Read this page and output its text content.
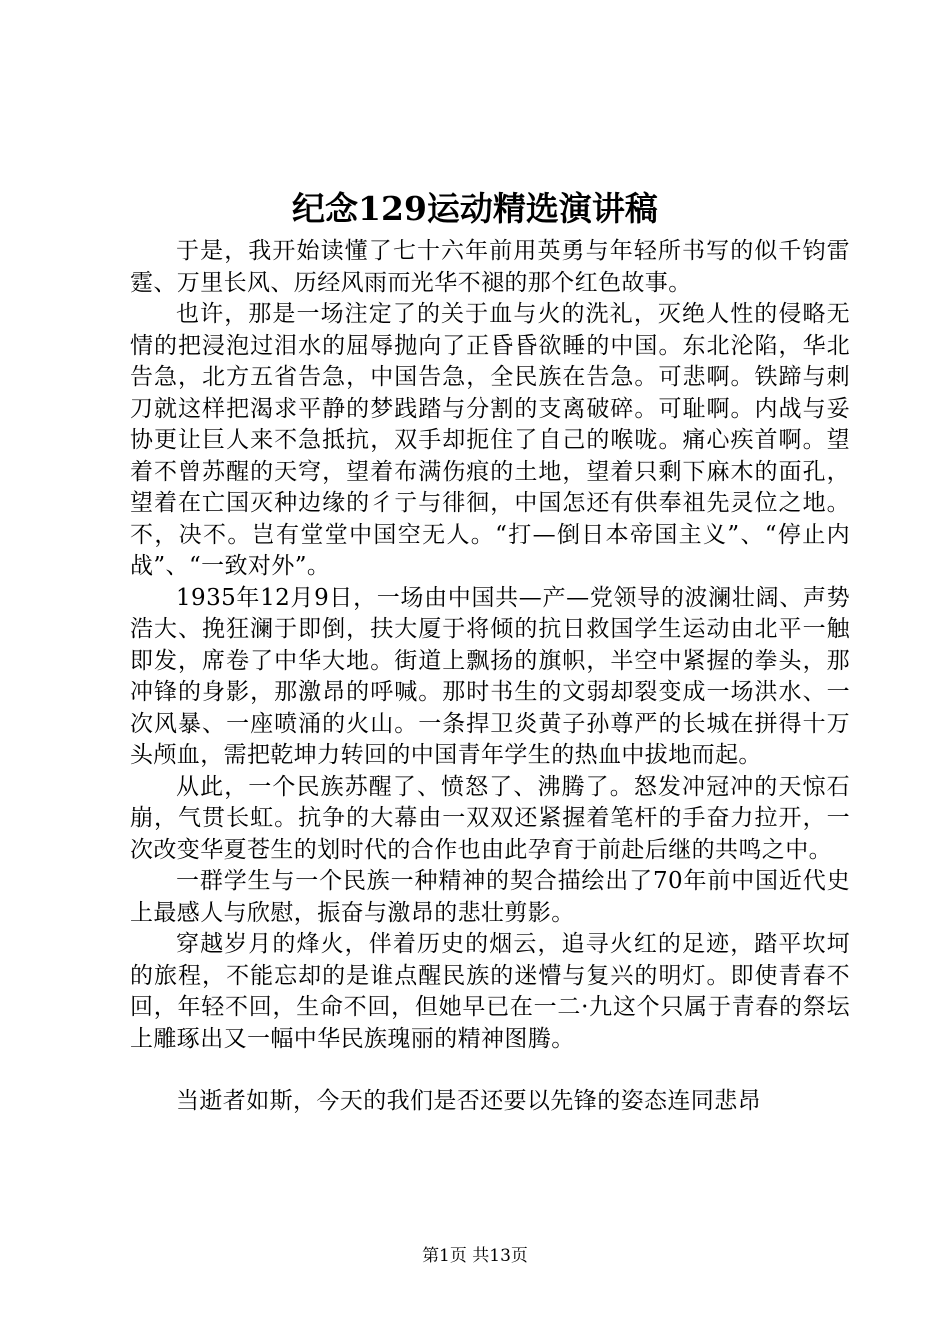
纪念129运动精选演讲稿

于是，我开始读懂了七十六年前用英勇与年轻所书写的似千钧雷霆、万里长风、历经风雨而光华不褪的那个红色故事。

也许，那是一场注定了的关于血与火的洗礼，灭绝人性的侵略无情的把浸泡过泪水的屈辱抛向了正昏昏欲睡的中国。东北沦陷，华北告急，北方五省告急，中国告急，全民族在告急。可悲啊。铁蹄与刺刀就这样把渴求平静的梦践踏与分割的支离破碎。可耻啊。内战与妥协更让巨人来不急抵抗，双手却扼住了自己的喉咙。痛心疾首啊。望着不曾苏醒的天穹，望着布满伤痕的土地，望着只剩下麻木的面孔，望着在亡国灭种边缘的彳亍与徘徊，中国怎还有供奉祖先灵位之地。不，决不。岂有堂堂中国空无人。“打—倒日本帝国主义”、“停止内战”、“一致对外”。

1935年12月9日，一场由中国共—产—党领导的波澜壮阔、声势浩大、挽狂澜于即倒，扶大厦于将倾的抗日救国学生运动由北平一触即发，席卷了中华大地。街道上飘扬的旗帜，半空中紧握的拳头，那冲锋的身影，那激昂的呼喊。那时书生的文弱却裂变成一场洪水、一次风暴、一座喷涌的火山。一条捍卫炎黄子孙尊严的长城在拼得十万头颅血，需把乾坤力转回的中国青年学生的热血中拔地而起。

从此，一个民族苏醒了、愤怒了、沸腾了。怒发冲冠冲的天惊石崩，气贯长虹。抗争的大幕由一双双还紧握着笔杆的手奋力拉开，一次改变华夏苍生的划时代的合作也由此孕育于前赴后继的共鸣之中。

一群学生与一个民族一种精神的契合描绘出了70年前中国近代史上最感人与欣慰，振奋与激昂的悲壮剪影。

穿越岁月的烽火，伴着历史的烟云，追寻火红的足迹，踏平坎坷的旅程，不能忘却的是谁点醒民族的迷懵与复兴的明灯。即使青春不回，年轻不回，生命不回，但她早已在一二·九这个只属于青春的祭坛上雕琢出又一幅中华民族瑰丽的精神图腾。

当逝者如斯，今天的我们是否还要以先锋的姿态连同悲昂

第1页 共13页
